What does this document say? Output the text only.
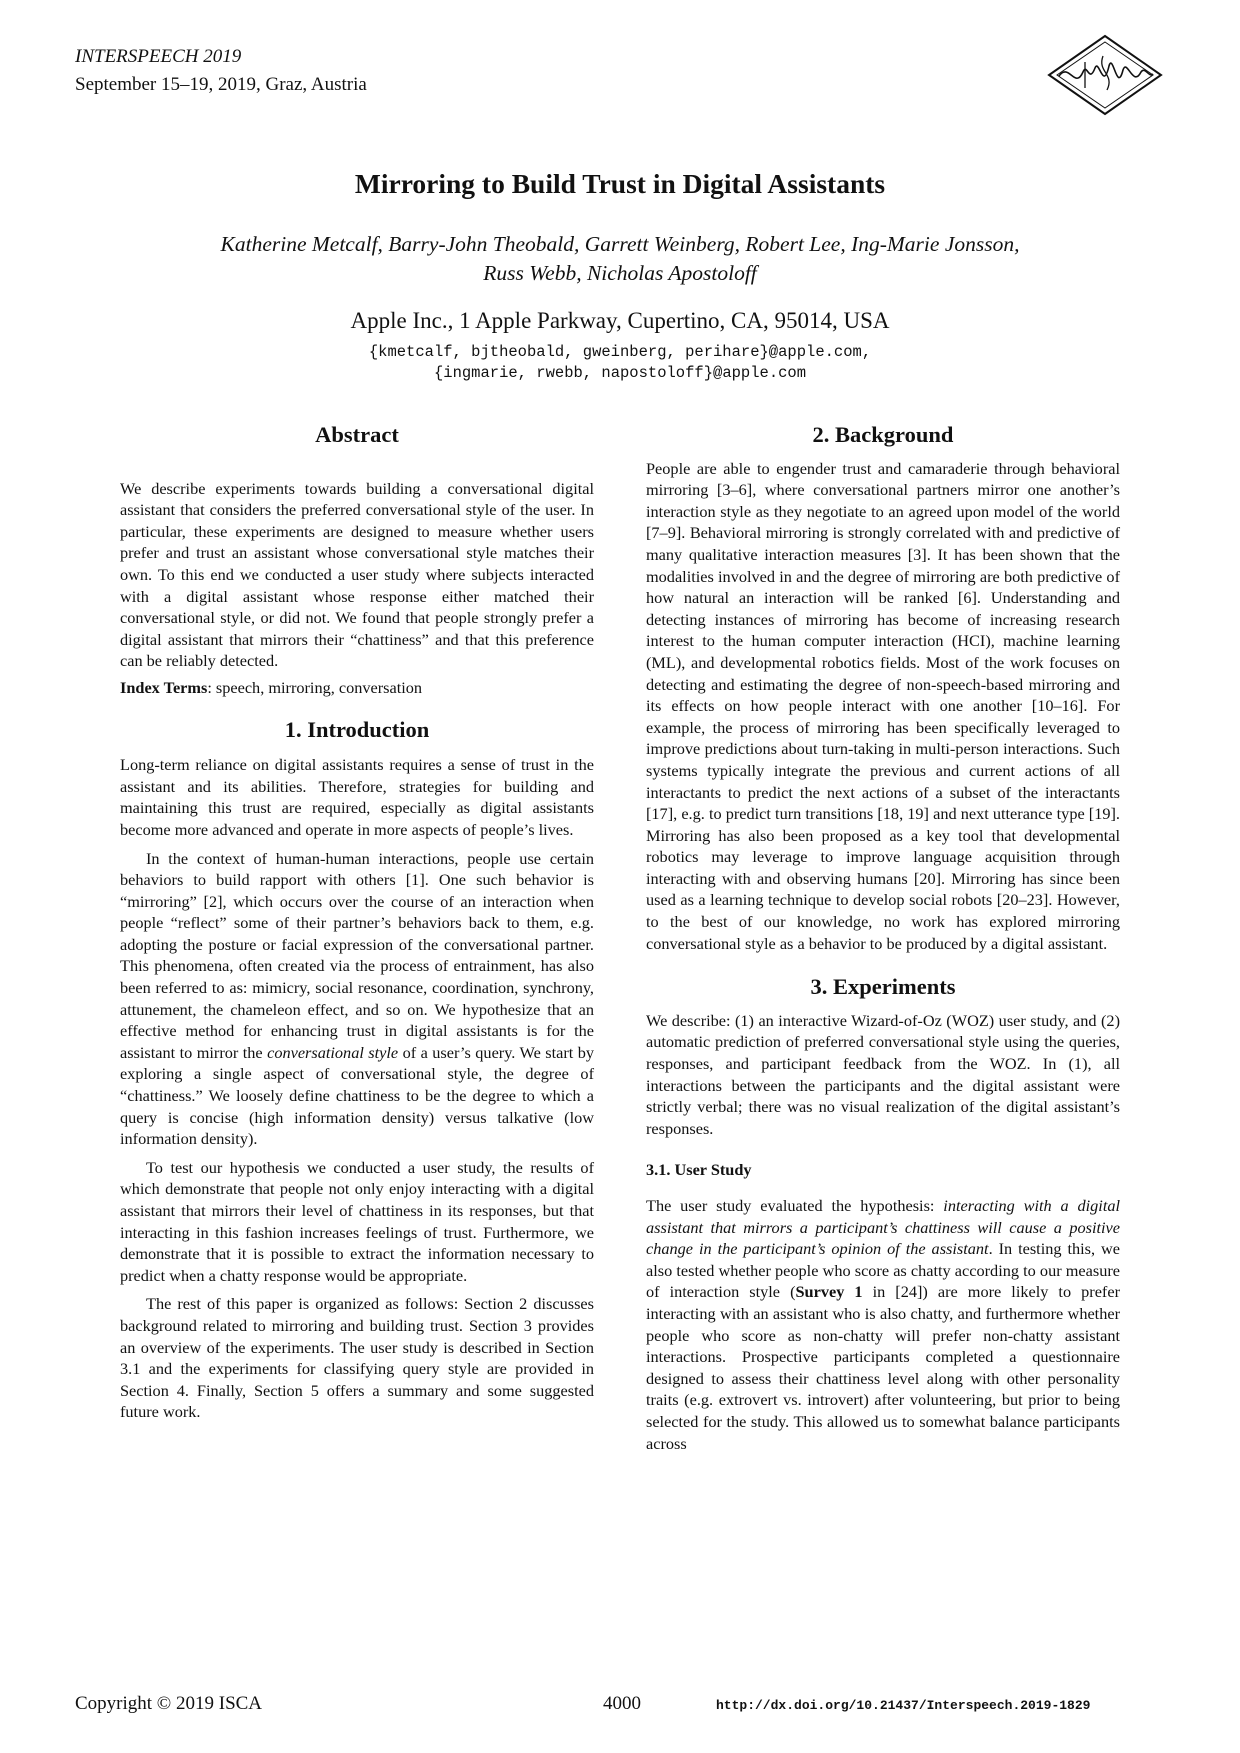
INTERSPEECH 2019
September 15–19, 2019, Graz, Austria
Mirroring to Build Trust in Digital Assistants
Katherine Metcalf, Barry-John Theobald, Garrett Weinberg, Robert Lee, Ing-Marie Jonsson,
Russ Webb, Nicholas Apostoloff
Apple Inc., 1 Apple Parkway, Cupertino, CA, 95014, USA
{kmetcalf, bjtheobald, gweinberg, perihare}@apple.com,
{ingmarie, rwebb, napostoloff}@apple.com
Abstract

We describe experiments towards building a conversational digital assistant that considers the preferred conversational style of the user. In particular, these experiments are designed to measure whether users prefer and trust an assistant whose conversational style matches their own. To this end we conducted a user study where subjects interacted with a digital assistant whose response either matched their conversational style, or did not. We found that people strongly prefer a digital assistant that mirrors their “chattiness” and that this preference can be reliably detected.

Index Terms: speech, mirroring, conversation

1. Introduction

Long-term reliance on digital assistants requires a sense of trust in the assistant and its abilities. Therefore, strategies for building and maintaining this trust are required, especially as digital assistants become more advanced and operate in more aspects of people’s lives.

In the context of human-human interactions, people use certain behaviors to build rapport with others [1]. One such behavior is “mirroring” [2], which occurs over the course of an interaction when people “reflect” some of their partner’s behaviors back to them, e.g. adopting the posture or facial expression of the conversational partner. This phenomena, often created via the process of entrainment, has also been referred to as: mimicry, social resonance, coordination, synchrony, attunement, the chameleon effect, and so on. We hypothesize that an effective method for enhancing trust in digital assistants is for the assistant to mirror the conversational style of a user’s query. We start by exploring a single aspect of conversational style, the degree of “chattiness.” We loosely define chattiness to be the degree to which a query is concise (high information density) versus talkative (low information density).

To test our hypothesis we conducted a user study, the results of which demonstrate that people not only enjoy interacting with a digital assistant that mirrors their level of chattiness in its responses, but that interacting in this fashion increases feelings of trust. Furthermore, we demonstrate that it is possible to extract the information necessary to predict when a chatty response would be appropriate.

The rest of this paper is organized as follows: Section 2 discusses background related to mirroring and building trust. Section 3 provides an overview of the experiments. The user study is described in Section 3.1 and the experiments for classifying query style are provided in Section 4. Finally, Section 5 offers a summary and some suggested future work.

2. Background

People are able to engender trust and camaraderie through behavioral mirroring [3–6], where conversational partners mirror one another’s interaction style as they negotiate to an agreed upon model of the world [7–9]. Behavioral mirroring is strongly correlated with and predictive of many qualitative interaction measures [3]. It has been shown that the modalities involved in and the degree of mirroring are both predictive of how natural an interaction will be ranked [6]. Understanding and detecting instances of mirroring has become of increasing research interest to the human computer interaction (HCI), machine learning (ML), and developmental robotics fields. Most of the work focuses on detecting and estimating the degree of non-speech-based mirroring and its effects on how people interact with one another [10–16]. For example, the process of mirroring has been specifically leveraged to improve predictions about turn-taking in multi-person interactions. Such systems typically integrate the previous and current actions of all interactants to predict the next actions of a subset of the interactants [17], e.g. to predict turn transitions [18, 19] and next utterance type [19]. Mirroring has also been proposed as a key tool that developmental robotics may leverage to improve language acquisition through interacting with and observing humans [20]. Mirroring has since been used as a learning technique to develop social robots [20–23]. However, to the best of our knowledge, no work has explored mirroring conversational style as a behavior to be produced by a digital assistant.

3. Experiments

We describe: (1) an interactive Wizard-of-Oz (WOZ) user study, and (2) automatic prediction of preferred conversational style using the queries, responses, and participant feedback from the WOZ. In (1), all interactions between the participants and the digital assistant were strictly verbal; there was no visual realization of the digital assistant’s responses.

3.1. User Study

The user study evaluated the hypothesis: interacting with a digital assistant that mirrors a participant’s chattiness will cause a positive change in the participant’s opinion of the assistant. In testing this, we also tested whether people who score as chatty according to our measure of interaction style (Survey 1 in [24]) are more likely to prefer interacting with an assistant who is also chatty, and furthermore whether people who score as non-chatty will prefer non-chatty assistant interactions. Prospective participants completed a questionnaire designed to assess their chattiness level along with other personality traits (e.g. extrovert vs. introvert) after volunteering, but prior to being selected for the study. This allowed us to somewhat balance participants across

Copyright © 2019 ISCA	4000	http://dx.doi.org/10.21437/Interspeech.2019-1829
